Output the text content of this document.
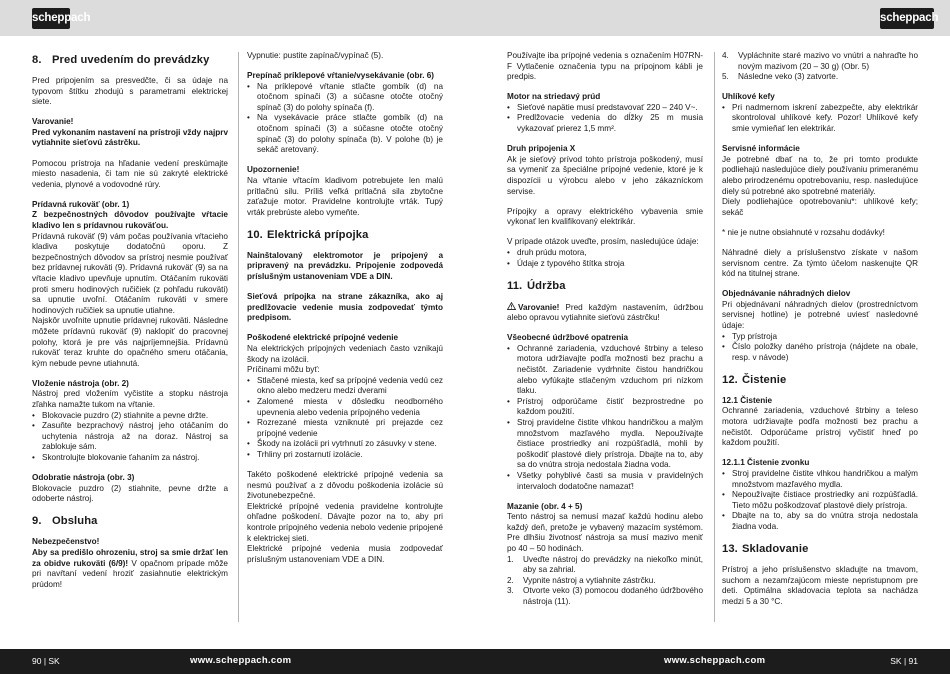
scheppach	scheppach
8. Pred uvedením do prevádzky

Pred pripojením sa presvedčte, či sa údaje na typovom štítku zhodujú s parametrami elektrickej siete.

Varovanie!
Pred vykonaním nastavení na prístroji vždy najprv vytiahnite sieťovú zástrčku.

Pomocou prístroja na hľadanie vedení preskúmajte miesto nasadenia, či tam nie sú zakryté elektrické vedenia, plynové a vodovodné rúry.

Prídavná rukoväť (obr. 1)
Z bezpečnostných dôvodov používajte vŕtacie kladivo len s prídavnou rukoväťou.
Prídavná rukoväť (9) vám počas používania vŕtacieho kladiva poskytuje dodatočnú oporu. Z bezpečnostných dôvodov sa prístroj nesmie používať bez prídavnej rukoväti (9). Prídavná rukoväť (9) sa na vŕtacie kladivo upevňuje upnutím. Otáčaním rukoväti proti smeru hodinových ručičiek (z pohľadu rukoväti) sa upnutie uvoľní. Otáčaním rukoväti v smere hodinových ručičiek sa upnutie utiahne.
Najskôr uvoľnite upnutie prídavnej rukoväti. Následne môžete prídavnú rukoväť (9) naklopiť do pracovnej polohy, ktorá je pre vás najpríjemnejšia. Prídavnú rukoväť teraz kruhte do opačného smeru otáčania, kým nebude pevne utiahnutá.

Vloženie nástroja (obr. 2)
Nástroj pred vložením vyčistite a stopku nástroja zľahka namažte tukom na vŕtanie.
• Blokovacie puzdro (2) stiahnite a pevne držte.
• Zasuňte bezprachový nástroj jeho otáčaním do uchytenia nástroja až na doraz. Nástroj sa zablokuje sám.
• Skontrolujte blokovanie ťahaním za nástroj.
Odobratie nástroja (obr. 3)

Blokovacie puzdro (2) stiahnite, pevne držte a odoberte nástroj.

9. Obsluha

Nebezpečenstvo!
Aby sa predišlo ohrozeniu, stroj sa smie držať len za obidve rukoväti (6/9)! V opačnom prípade môže pri navŕtaní vedení hroziť zasiahnutie elektrickým prúdom!

Vypnutie: pustite zapínač/vypínač (5).

Prepínač príklepové vŕtanie/vysekávanie (obr. 6)
• Na príklepové vŕtanie stlačte gombík (d) na otočnom spínači (3) a súčasne otočte otočný spínač (3) do polohy spínača (f).
• Na vysekávacie práce stlačte gombík (d) na otočnom spínači (3) a súčasne otočte otočný spínač (3) do polohy spínača (b). V polohe (b) je sekáč aretovaný.
Upozornenie!

Na vŕtanie vŕtacím kladivom potrebujete len malú prítlačnú silu. Príliš veľká prítlačná sila zbytočne zaťažuje motor. Pravidelne kontrolujte vrták. Tupý vrták prebrúste alebo vymeňte.

10. Elektrická prípojka

Nainštalovaný elektromotor je pripojený a pripravený na prevádzku. Prípojenie zodpovedá príslušným ustanoveniam VDE a DIN.

Sieťová prípojka na strane zákazníka, ako aj predlžovacie vedenie musia zodpovedať týmto predpisom.

Poškodené elektrické prípojné vedenie
Na elektrických prípojných vedeniach často vznikajú škody na izolácii.
Príčinami môžu byť:
• Stlačené miesta, keď sa prípojné vedenia vedú cez okno alebo medzeru medzi dverami
• Zalomené miesta v dôsledku neodborného upevnenia alebo vedenia prípojného vedenia
• Rozrezané miesta vzniknuté pri prejazde cez prípojné vedenie
• Škody na izolácii pri vytrhnutí zo zásuvky v stene.
• Trhliny pri zostarnutí izolácie.
Takéto poškodené elektrické prípojné vedenia sa nesmú používať a z dôvodu poškodenia izolácie sú životunebezpečné.
Elektrické prípojné vedenia pravidelne kontrolujte ohľadne poškodení. Dávajte pozor na to, aby pri kontrole prípojného vedenia nebolo vedenie pripojené k elektrickej sieti.
Elektrické prípojné vedenia musia zodpovedať príslušným ustanoveniam VDE a DIN.

Používajte iba prípojné vedenia s označením H07RN-F Vytlačenie označenia typu na prípojnom kábli je predpis.

Motor na striedavý prúd
• Sieťové napätie musí predstavovať 220 – 240 V~.
• Predlžovacie vedenia do dĺžky 25 m musia vykazovať prierez 1,5 mm².
Druh pripojenia X

Ak je sieťový prívod tohto prístroja poškodený, musí sa vymeniť za špeciálne prípojné vedenie, ktoré je k dispozícii u výrobcu alebo v jeho zákazníckom servise.

Prípojky a opravy elektrického vybavenia smie vykonať len kvalifikovaný elektrikár.

V prípade otázok uveďte, prosím, nasledujúce údaje:
• druh prúdu motora,
• Údaje z typového štítka stroja
11. Údržba

Varovanie! Pred každým nastavením, údržbou alebo opravou vytiahnite sieťovú zástrčku!

Všeobecné údržbové opatrenia
• Ochranné zariadenia, vzduchové štrbiny a teleso motora udržiavajte podľa možnosti bez prachu a nečistôt. Zariadenie vydrhnite čistou handričkou alebo vyfúkajte stlačeným vzduchom pri nízkom tlaku.
• Prístroj odporúčame čistiť bezprostredne po každom použití.
• Stroj pravidelne čistite vlhkou handričkou a malým množstvom mazľavého mydla. Nepoužívajte čistiace prostriedky ani rozpúšťadlá, mohli by poškodiť plastové diely prístroja. Dbajte na to, aby sa do vnútra stroja nedostala žiadna voda.
• Všetky pohyblivé časti sa musia v pravidelných intervaloch dodatočne namazať!
Mazanie (obr. 4 + 5)
Tento nástroj sa nemusí mazať každú hodinu alebo každý deň, pretože je vybavený mazacím systémom. Pre dlhšiu životnosť nástroja sa musí mazivo meniť po 40 – 50 hodinách.
1. Uveďte nástroj do prevádzky na niekoľko minút, aby sa zahrial.
2. Vypnite nástroj a vytiahnite zástrčku.
3. Otvorte veko (3) pomocou dodaného údržbového nástroja (11).
4. Vypláchnite staré mazivo vo vnútri a nahraďte ho novým mazivom (20 – 30 g) (Obr. 5)
5. Následne veko (3) zatvorte.
Uhlíkové kefy
• Pri nadmernom iskrení zabezpečte, aby elektrikár skontroloval uhlíkové kefy. Pozor! Uhlíkové kefy smie vymieňať len elektrikár.
Servisné informácie
Je potrebné dbať na to, že pri tomto produkte podliehajú nasledujúce diely používaniu primeranému alebo prirodzenému opotrebovaniu, resp. nasledujúce diely sú potrebné ako spotrebné materiály.

Diely podliehajúce opotrebovaniu*: uhlíkové kefy; sekáč

* nie je nutne obsiahnuté v rozsahu dodávky!

Náhradné diely a príslušenstvo získate v našom servisnom centre. Za týmto účelom naskenujte QR kód na titulnej strane.

Objednávanie náhradných dielov
Pri objednávaní náhradných dielov (prostredníctvom servisnej hotline) je potrebné uviesť nasledovné údaje:
• Typ prístroja
• Číslo položky daného prístroja (nájdete na obale, resp. v návode)
12. Čistenie
12.1 Čistenie

Ochranné zariadenia, vzduchové štrbiny a teleso motora udržiavajte podľa možnosti bez prachu a nečistôt. Odporúčame prístroj vyčistiť hneď po každom použití.

12.1.1 Čistenie zvonku
• Stroj pravidelne čistite vlhkou handričkou a malým množstvom mazľavého mydla.
• Nepoužívajte čistiace prostriedky ani rozpúšťadlá. Tieto môžu poškodzovať plastové diely prístroja.
• Dbajte na to, aby sa do vnútra stroja nedostala žiadna voda.
13. Skladovanie

Prístroj a jeho príslušenstvo skladujte na tmavom, suchom a nezamŕzajúcom mieste nepristupnom pre deti. Optimálna skladovacia teplota sa nachádza medzi 5 a 30 °C.

90 | SK	www.scheppach.com	www.scheppach.com	SK | 91
